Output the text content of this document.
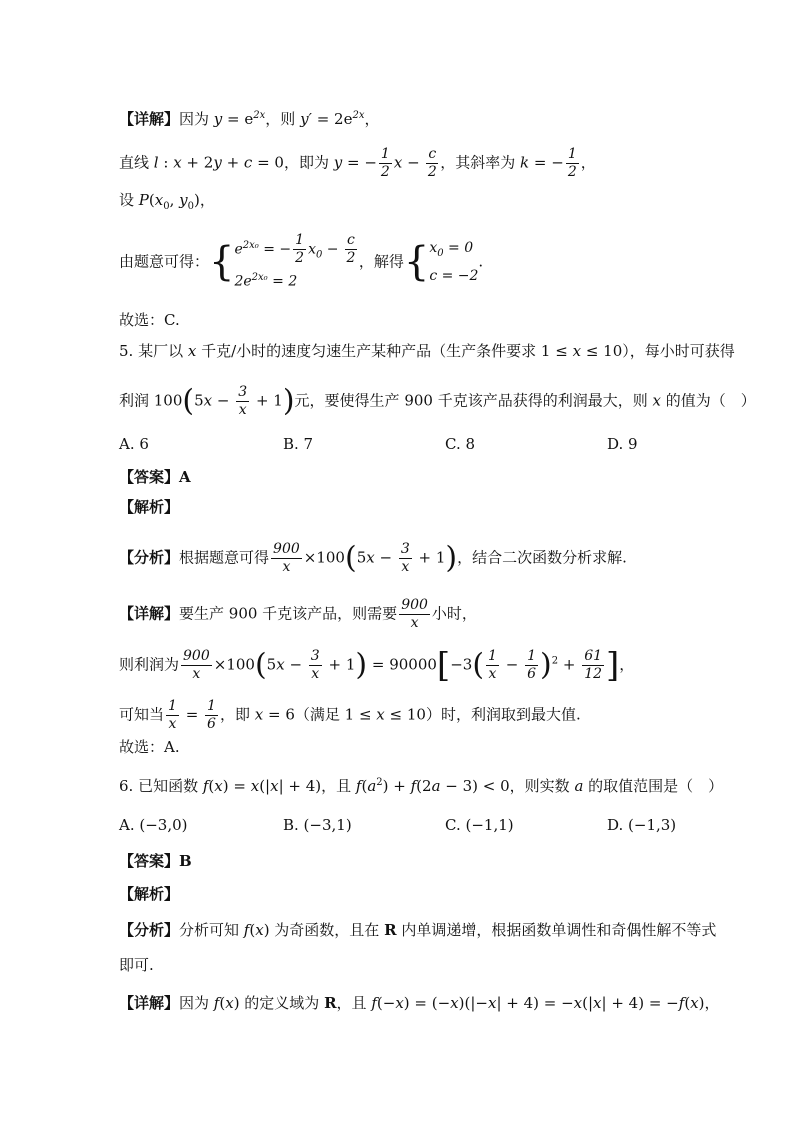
【详解】因为 $y = e^{2x}$，则 $y' = 2e^{2x}$，
直线 l : x + 2y + c = 0，即为 y = − $\frac{1}{2}$ $x - \frac{c}{2}$ ，其斜率为 k = − $\frac{1}{2}$ ，
设 $P(x_0$, $y_0$)，
由题意可得：{ $e^{2x_0}$ = − $\frac{1}{2} x_0 - \frac{c}{2}$
$2e^{2x_0} = 2$
，解得{ $x_0 = 0$
c = −2
.
故选：C.
5. 某厂以 x 千克/小时的速度匀速生产某种产品（生产条件要求 1 ≤ x ≤ 10），每小时可获得
利润 $100(5x - \frac{3}{x} + 1)$元，要使得生产 900 千克该产品获得的利润最大，则 x 的值为（　）
A. 6	B. 7	C. 8	D. 9
【答案】A
【解析】
【分析】根据题意可得 $\frac{900}{x} \times 100(5x - \frac{3}{x} + 1)$，结合二次函数分析求解.
【详解】要生产 900 千克该产品，则需要 $\frac{900}{x}$ 小时，
则利润为 $\frac{900}{x} \times 100(5x - \frac{3}{x} + 1) = 90000[-3( \frac{1}{x} - \frac{1}{6} )^2 + \frac{61}{12}$ ]，
可知当 $\frac{1}{x} = \frac{1}{6}$ ，即 x = 6（满足 1 ≤ x ≤ 10）时，利润取到最大值.
故选：A.
6. 已知函数 f(x) = x(|x| + 4)，且 $f(a^2) + f(2a - 3) < 0$，则实数 a 的取值范围是（　）
A. (−3,0)	B. (−3,1)	C. (−1,1)	D. (−1,3)
【答案】B
【解析】
【分析】分析可知 f(x) 为奇函数，且在 R 内单调递增，根据函数单调性和奇偶性解不等式
即可.
【详解】因为 f(x) 的定义域为 R，且 f(−x) = (−x)(|−x| + 4) = −x(|x| + 4) = −f(x)，
